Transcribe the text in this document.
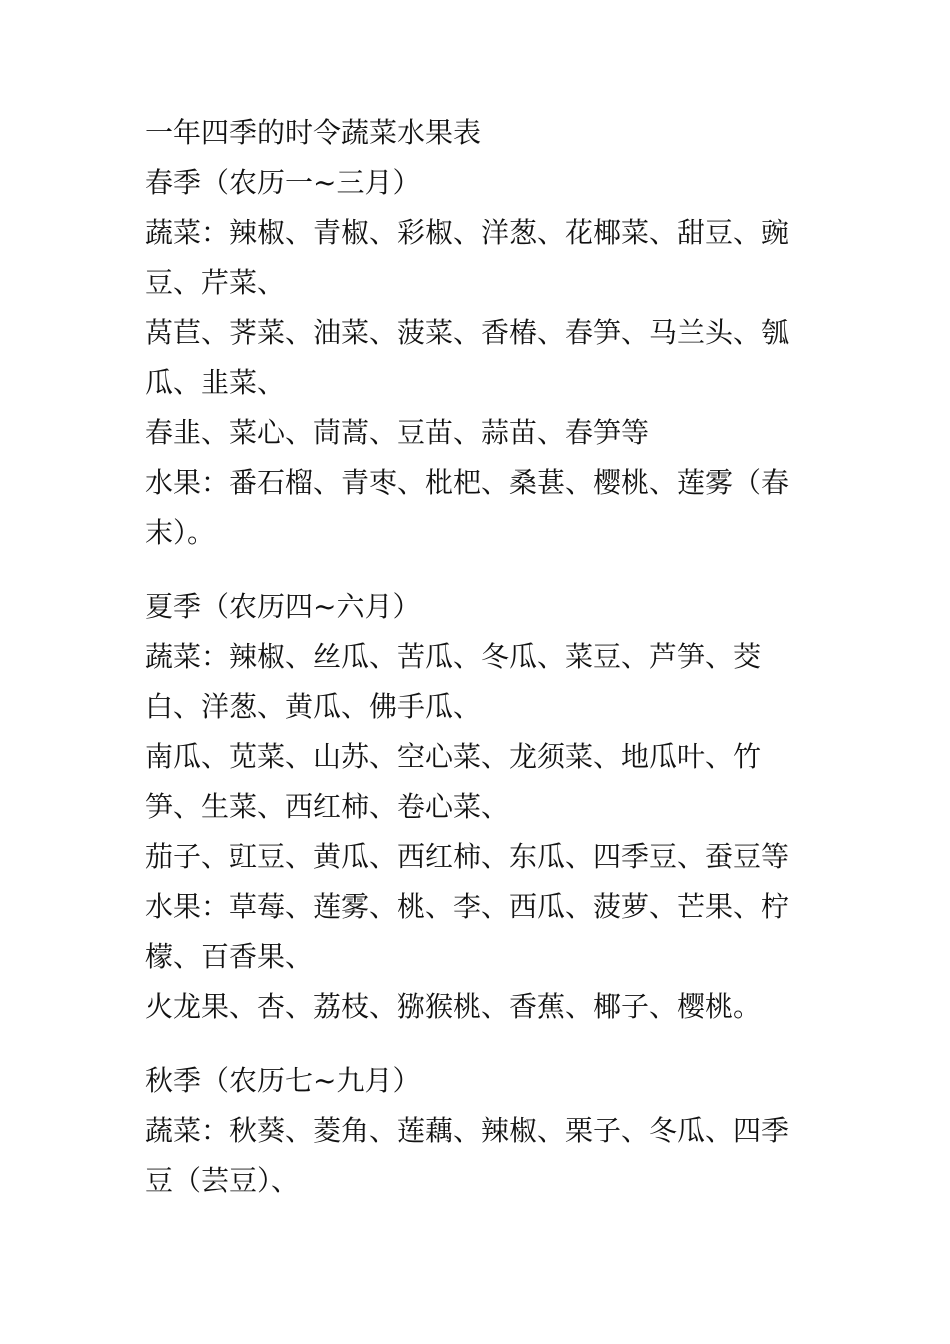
一年四季的时令蔬菜水果表
春季（农历一~三月）
蔬菜：辣椒、青椒、彩椒、洋葱、花椰菜、甜豆、豌豆、芹菜、
莴苣、荠菜、油菜、菠菜、香椿、春笋、马兰头、瓠瓜、韭菜、
春韭、菜心、茼蒿、豆苗、蒜苗、春笋等
水果：番石榴、青枣、枇杷、桑葚、樱桃、莲雾（春末）。
夏季（农历四~六月）
蔬菜：辣椒、丝瓜、苦瓜、冬瓜、菜豆、芦笋、茭白、洋葱、黄瓜、佛手瓜、
南瓜、苋菜、山苏、空心菜、龙须菜、地瓜叶、竹笋、生菜、西红柿、卷心菜、
茄子、豇豆、黄瓜、西红柿、东瓜、四季豆、蚕豆等
水果：草莓、莲雾、桃、李、西瓜、菠萝、芒果、柠檬、百香果、
火龙果、杏、荔枝、猕猴桃、香蕉、椰子、樱桃。
秋季（农历七~九月）
蔬菜：秋葵、菱角、莲藕、辣椒、栗子、冬瓜、四季豆（芸豆）、
